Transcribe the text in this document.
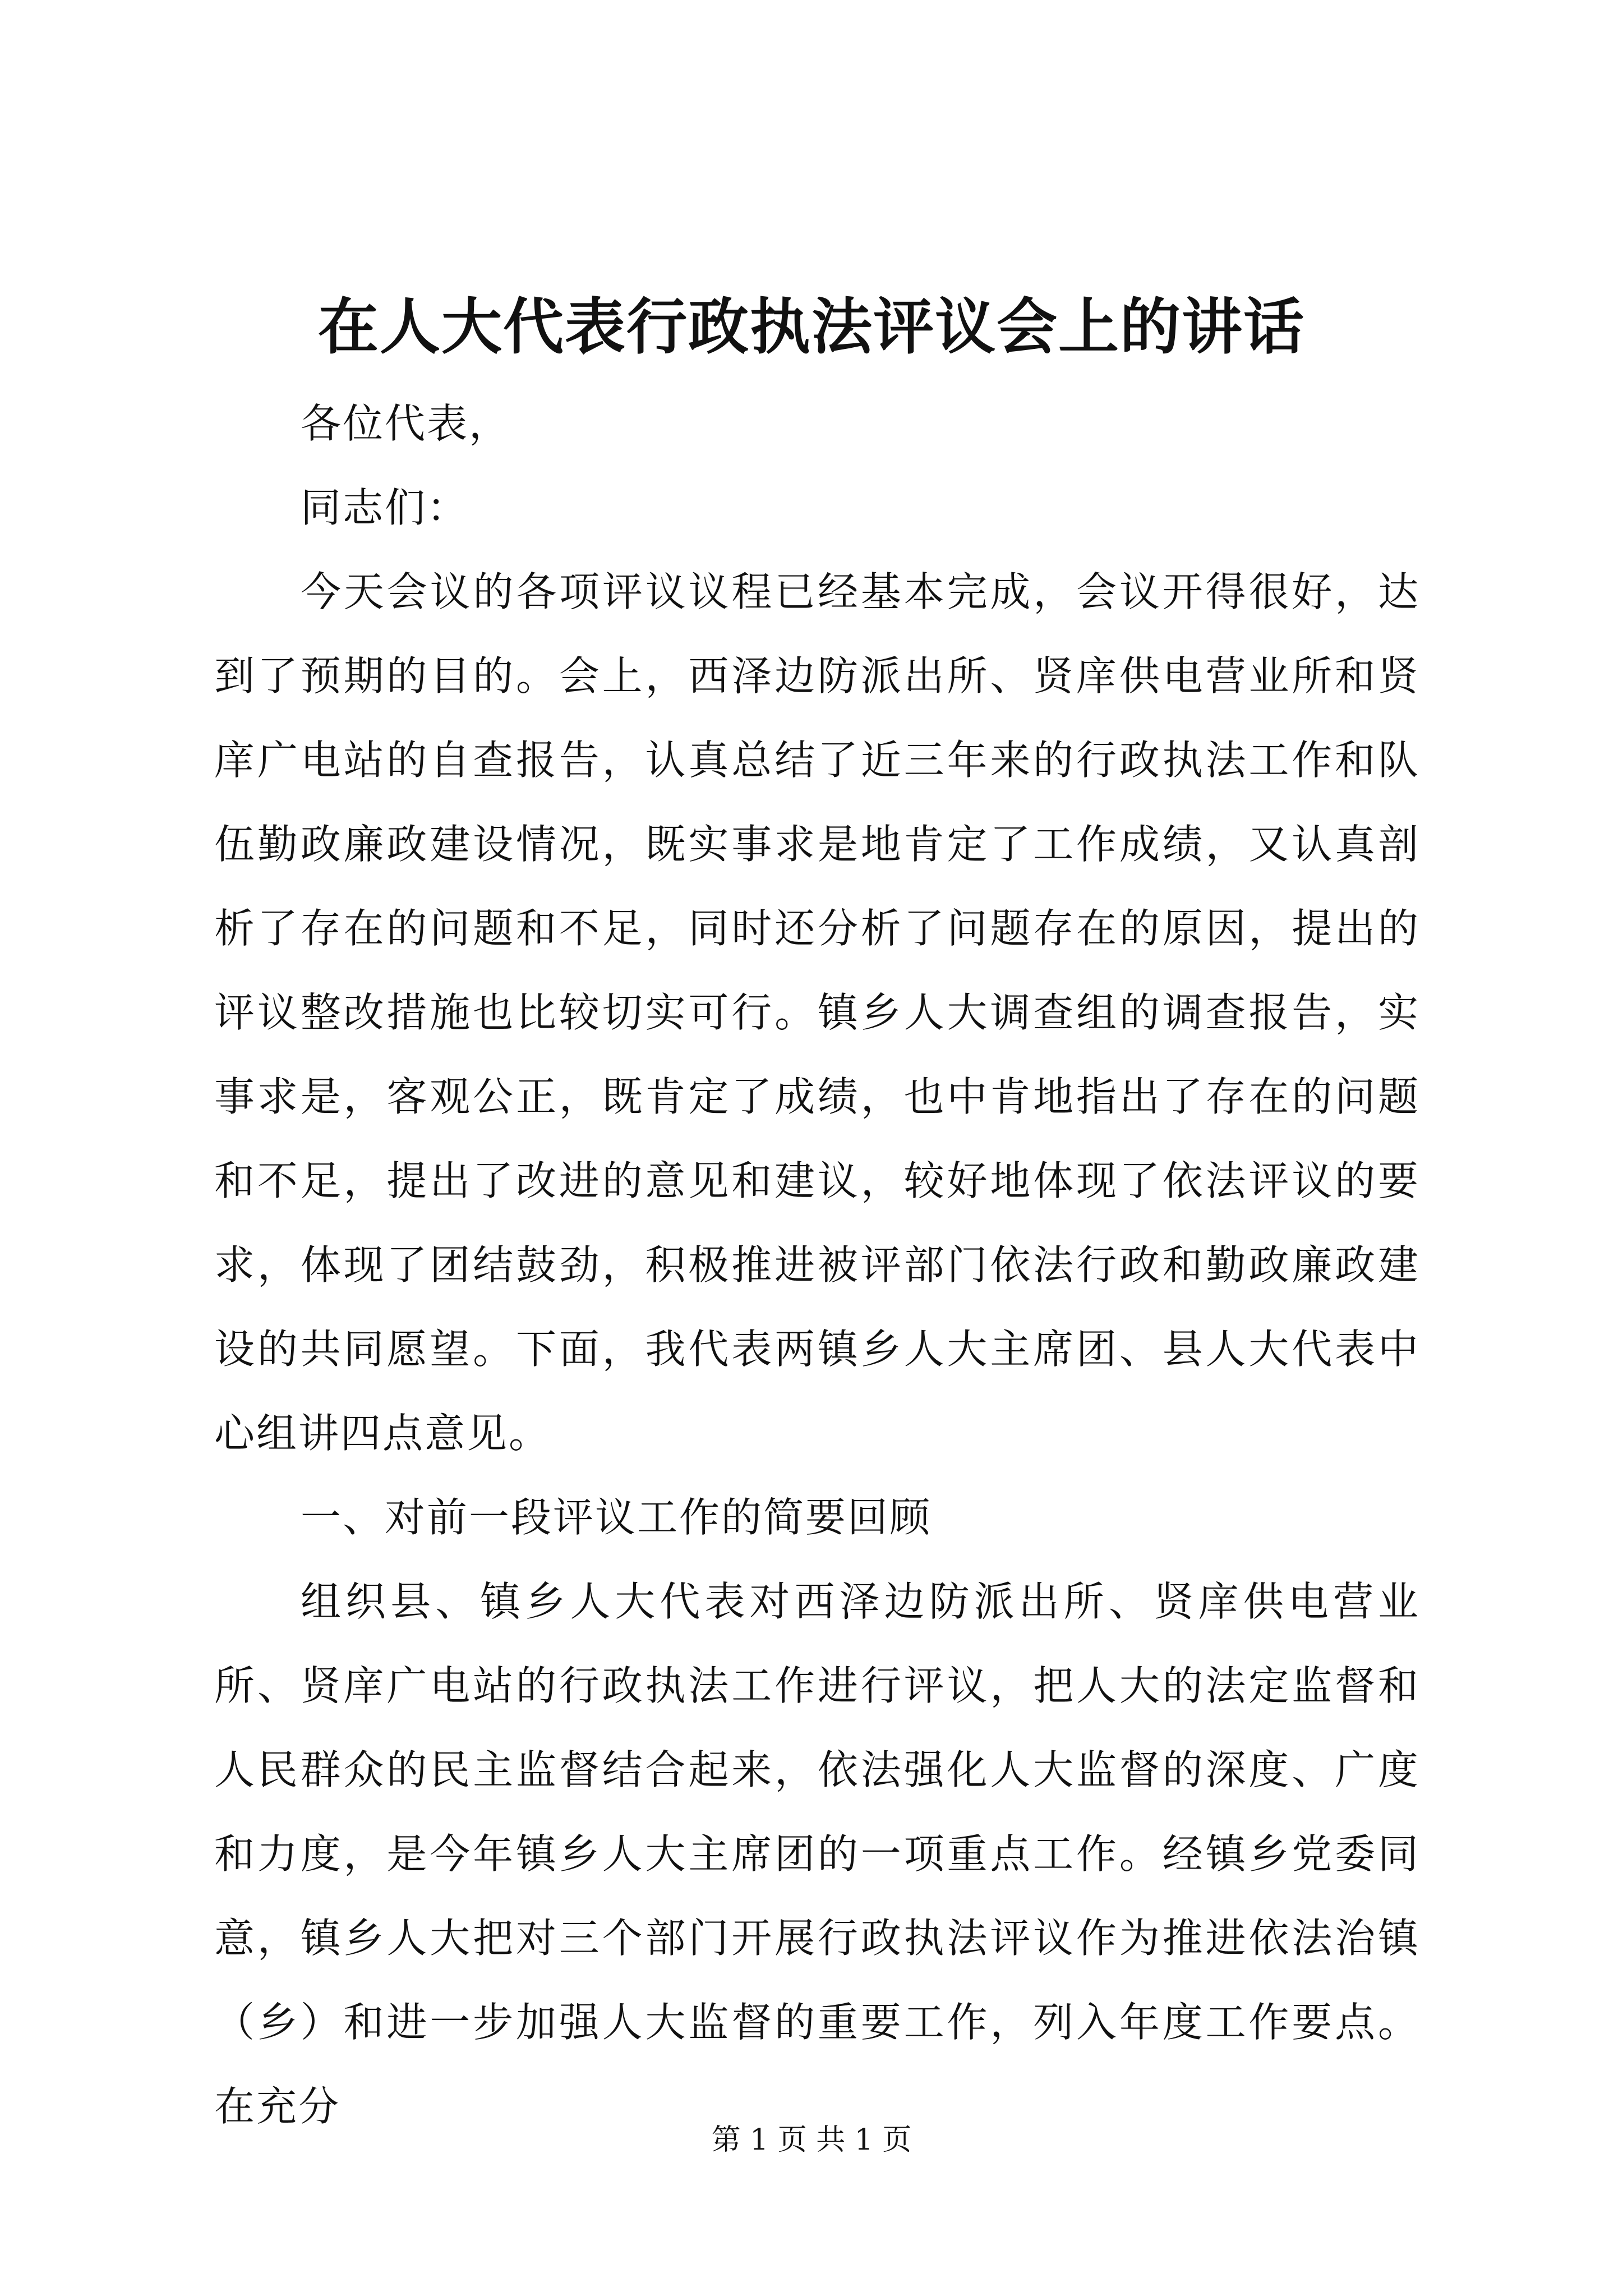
在人大代表行政执法评议会上的讲话

各位代表，

同志们：

今天会议的各项评议议程已经基本完成，会议开得很好，达到了预期的目的。会上，西泽边防派出所、贤庠供电营业所和贤庠广电站的自查报告，认真总结了近三年来的行政执法工作和队伍勤政廉政建设情况，既实事求是地肯定了工作成绩，又认真剖析了存在的问题和不足，同时还分析了问题存在的原因，提出的评议整改措施也比较切实可行。镇乡人大调查组的调查报告，实事求是，客观公正，既肯定了成绩，也中肯地指出了存在的问题和不足，提出了改进的意见和建议，较好地体现了依法评议的要求，体现了团结鼓劲，积极推进被评部门依法行政和勤政廉政建设的共同愿望。下面，我代表两镇乡人大主席团、县人大代表中心组讲四点意见。

一、对前一段评议工作的简要回顾

组织县、镇乡人大代表对西泽边防派出所、贤庠供电营业所、贤庠广电站的行政执法工作进行评议，把人大的法定监督和人民群众的民主监督结合起来，依法强化人大监督的深度、广度和力度，是今年镇乡人大主席团的一项重点工作。经镇乡党委同意，镇乡人大把对三个部门开展行政执法评议作为推进依法治镇（乡）和进一步加强人大监督的重要工作，列入年度工作要点。在充分

第 1 页 共 1 页
